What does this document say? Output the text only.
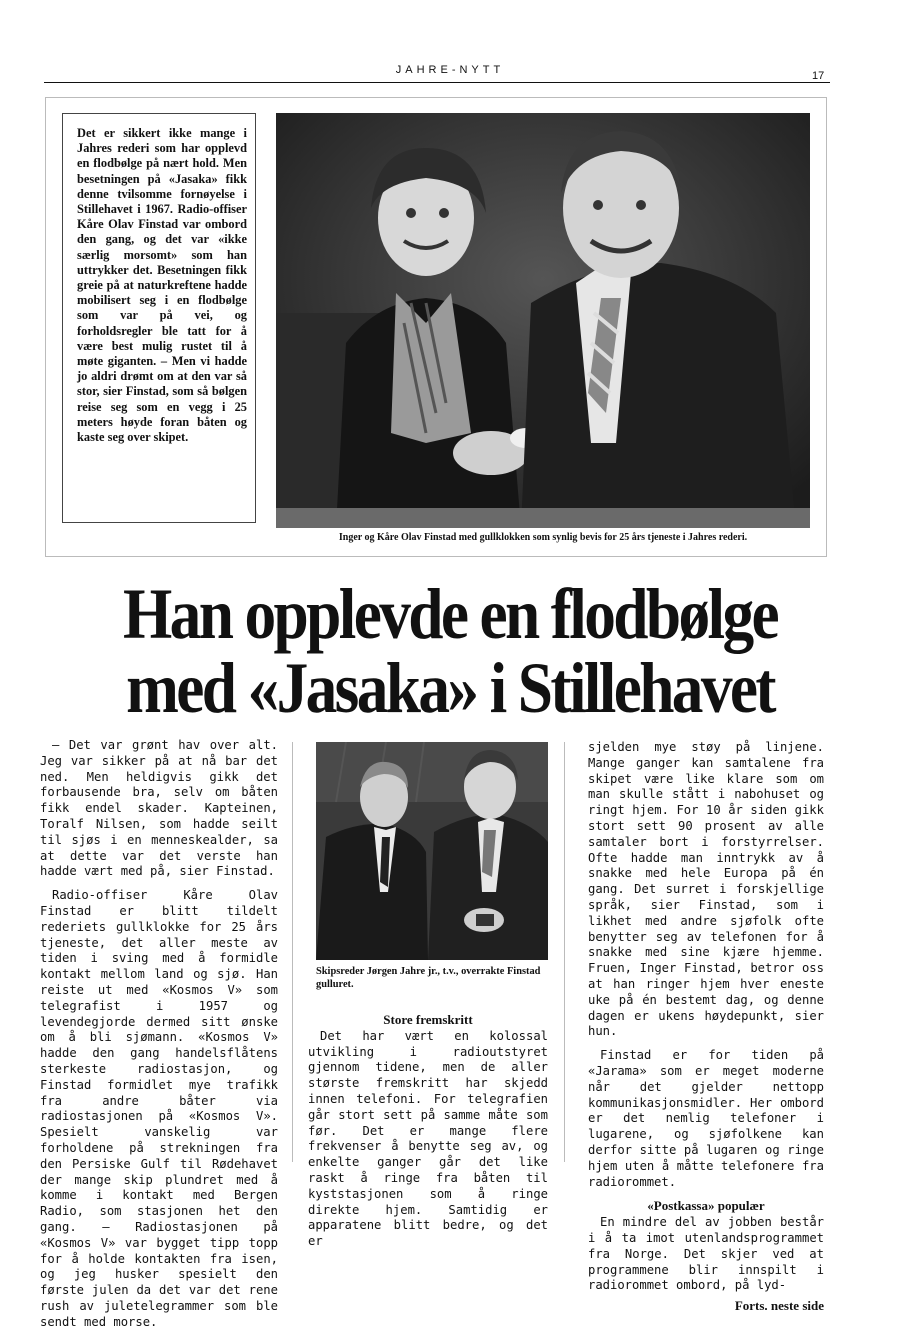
JAHRE-NYTT	17

Det er sikkert ikke mange i Jahres rederi som har opplevd en flodbølge på nært hold. Men besetningen på «Jasaka» fikk denne tvilsomme fornøyelse i Stillehavet i 1967. Radio-offiser Kåre Olav Finstad var ombord den gang, og det var «ikke særlig morsomt» som han uttrykker det. Besetningen fikk greie på at naturkreftene hadde mobilisert seg i en flodbølge som var på vei, og forholdsregler ble tatt for å være best mulig rustet til å møte giganten. – Men vi hadde jo aldri drømt om at den var så stor, sier Finstad, som så bølgen reise seg som en vegg i 25 meters høyde foran båten og kaste seg over skipet.

Inger og Kåre Olav Finstad med gullklokken som synlig bevis for 25 års tjeneste i Jahres rederi.
Han opplevde en flodbølge
med «Jasaka» i Stillehavet

– Det var grønt hav over alt. Jeg var sikker på at nå bar det ned. Men heldigvis gikk det forbausende bra, selv om båten fikk endel skader. Kapteinen, Toralf Nilsen, som hadde seilt til sjøs i en menneskealder, sa at dette var det verste han hadde vært med på, sier Finstad.

Radio-offiser Kåre Olav Finstad er blitt tildelt rederiets gullklokke for 25 års tjeneste, det aller meste av tiden i sving med å formidle kontakt mellom land og sjø. Han reiste ut med «Kosmos V» som telegrafist i 1957 og levendegjorde dermed sitt ønske om å bli sjømann. «Kosmos V» hadde den gang handelsflåtens sterkeste radiostasjon, og Finstad formidlet mye trafikk fra andre båter via radiostasjonen på «Kosmos V». Spesielt vanskelig var forholdene på strekningen fra den Persiske Gulf til Rødehavet der mange skip plundret med å komme i kontakt med Bergen Radio, som stasjonen het den gang. – Radiostasjonen på «Kosmos V» var bygget tipp topp for å holde kontakten fra isen, og jeg husker spesielt den første julen da det var det rene rush av juletelegrammer som ble sendt med morse.

Skipsreder Jørgen Jahre jr., t.v., overrakte Finstad gulluret.
Store fremskritt

Det har vært en kolossal utvikling i radioutstyret gjennom tidene, men de aller største fremskritt har skjedd innen telefoni. For telegrafien går stort sett på samme måte som før. Det er mange flere frekvenser å benytte seg av, og enkelte ganger går det like raskt å ringe fra båten til kyststasjonen som å ringe direkte hjem. Samtidig er apparatene blitt bedre, og det er

sjelden mye støy på linjene. Mange ganger kan samtalene fra skipet være like klare som om man skulle stått i nabohuset og ringt hjem. For 10 år siden gikk stort sett 90 prosent av alle samtaler bort i forstyrrelser. Ofte hadde man inntrykk av å snakke med hele Europa på én gang. Det surret i forskjellige språk, sier Finstad, som i likhet med andre sjøfolk ofte benytter seg av telefonen for å snakke med sine kjære hjemme. Fruen, Inger Finstad, betror oss at han ringer hjem hver eneste uke på én bestemt dag, og denne dagen er ukens høydepunkt, sier hun.

Finstad er for tiden på «Jarama» som er meget moderne når det gjelder nettopp kommunikasjonsmidler. Her ombord er det nemlig telefoner i lugarene, og sjøfolkene kan derfor sitte på lugaren og ringe hjem uten å måtte telefonere fra radiorommet.

«Postkassa» populær

En mindre del av jobben består i å ta imot utenlandsprogrammet fra Norge. Det skjer ved at programmene blir innspilt i radiorommet ombord, på lyd-

Forts. neste side
